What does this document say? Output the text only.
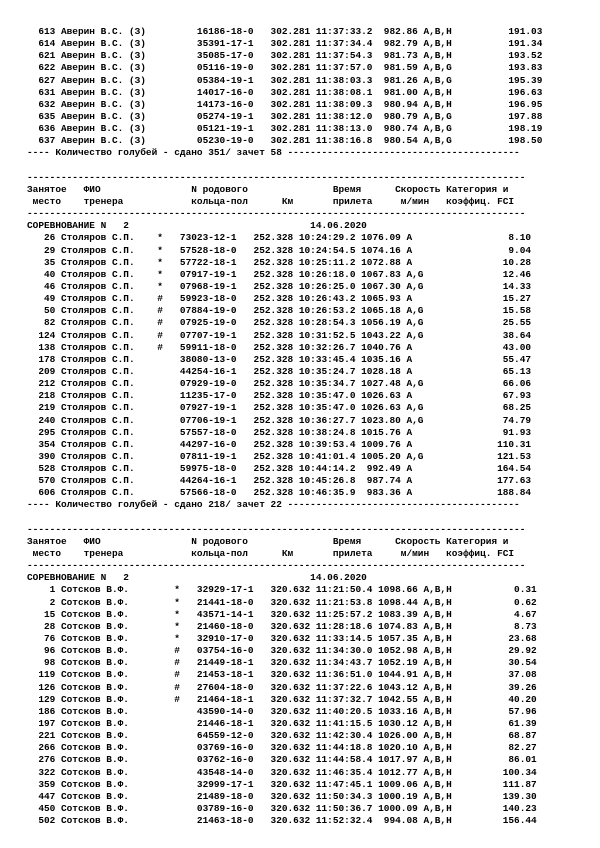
613 Аверин В.С. (З)         16186-18-0   302.281 11:37:33.2  982.86 A,B,H          191.03
614 Аверин В.С. (З)         35391-17-1   302.281 11:37:34.4  982.79 A,B,H          191.34
621 Аверин В.С. (З)         35085-17-0   302.281 11:37:54.3  981.73 A,B,H          193.52
622 Аверин В.С. (З)         05116-19-0   302.281 11:37:57.0  981.59 A,B,G          193.83
627 Аверин В.С. (З)         05384-19-1   302.281 11:38:03.3  981.26 A,B,G          195.39
631 Аверин В.С. (З)         14017-16-0   302.281 11:38:08.1  981.00 A,B,H          196.63
632 Аверин В.С. (З)         14173-16-0   302.281 11:38:09.3  980.94 A,B,H          196.95
635 Аверин В.С. (З)         05274-19-1   302.281 11:38:12.0  980.79 A,B,G          197.88
636 Аверин В.С. (З)         05121-19-1   302.281 11:38:13.0  980.74 A,B,G          198.19
637 Аверин В.С. (З)         05230-19-0   302.281 11:38:16.8  980.54 A,B,G          198.50
---- Количество голубей - сдано 351/ зачет 58 -----------------------------------------
----------------------------------------------------------------------------------------
Занятое   ФИО                N родового               Время      Скорость Категория и
место    тренера            кольца-пол      Км       прилета     м/мин   коэффиц. FCI
----------------------------------------------------------------------------------------
СОРЕВНОВАНИЕ N   2                                14.06.2020
26 Столяров С.П.    *   73023-12-1   252.328 10:24:29.2 1076.09 A                 8.10
29 Столяров С.П.    *   57528-18-0   252.328 10:24:54.5 1074.16 A                 9.04
35 Столяров С.П.    *   57722-18-1   252.328 10:25:11.2 1072.88 A                10.28
40 Столяров С.П.    *   07917-19-1   252.328 10:26:18.0 1067.83 A,G              12.46
46 Столяров С.П.    *   07968-19-1   252.328 10:26:25.0 1067.30 A,G              14.33
49 Столяров С.П.    #   59923-18-0   252.328 10:26:43.2 1065.93 A                15.27
50 Столяров С.П.    #   07884-19-0   252.328 10:26:53.2 1065.18 A,G              15.58
82 Столяров С.П.    #   07925-19-0   252.328 10:28:54.3 1056.19 A,G              25.55
124 Столяров С.П.    #   07707-19-1   252.328 10:31:52.5 1043.22 A,G              38.64
138 Столяров С.П.    #   59911-18-0   252.328 10:32:26.7 1040.76 A                43.00
178 Столяров С.П.        38080-13-0   252.328 10:33:45.4 1035.16 A                55.47
209 Столяров С.П.        44254-16-1   252.328 10:35:24.7 1028.18 A                65.13
212 Столяров С.П.        07929-19-0   252.328 10:35:34.7 1027.48 A,G              66.06
218 Столяров С.П.        11235-17-0   252.328 10:35:47.0 1026.63 A                67.93
219 Столяров С.П.        07927-19-1   252.328 10:35:47.0 1026.63 A,G              68.25
240 Столяров С.П.        07706-19-1   252.328 10:36:27.7 1023.80 A,G              74.79
295 Столяров С.П.        57557-18-0   252.328 10:38:24.8 1015.76 A                91.93
354 Столяров С.П.        44297-16-0   252.328 10:39:53.4 1009.76 A               110.31
390 Столяров С.П.        07811-19-1   252.328 10:41:01.4 1005.20 A,G             121.53
528 Столяров С.П.        59975-18-0   252.328 10:44:14.2  992.49 A               164.54
570 Столяров С.П.        44264-16-1   252.328 10:45:26.8  987.74 A               177.63
606 Столяров С.П.        57566-18-0   252.328 10:46:35.9  983.36 A               188.84
---- Количество голубей - сдано 218/ зачет 22 -----------------------------------------
----------------------------------------------------------------------------------------
Занятое   ФИО                N родового               Время      Скорость Категория и
место    тренера            кольца-пол      Км       прилета     м/мин   коэффиц. FCI
----------------------------------------------------------------------------------------
СОРЕВНОВАНИЕ N   2                                14.06.2020
1 Сотсков В.Ф.        *   32929-17-1   320.632 11:21:50.4 1098.66 A,B,H           0.31
2 Сотсков В.Ф.        *   21441-18-0   320.632 11:21:53.8 1098.44 A,B,H           0.62
15 Сотсков В.Ф.        *   43571-14-1   320.632 11:25:57.2 1083.39 A,B,H           4.67
28 Сотсков В.Ф.        *   21460-18-0   320.632 11:28:18.6 1074.83 A,B,H           8.73
76 Сотсков В.Ф.        *   32910-17-0   320.632 11:33:14.5 1057.35 A,B,H          23.68
96 Сотсков В.Ф.        #   03754-16-0   320.632 11:34:30.0 1052.98 A,B,H          29.92
98 Сотсков В.Ф.        #   21449-18-1   320.632 11:34:43.7 1052.19 A,B,H          30.54
119 Сотсков В.Ф.        #   21453-18-1   320.632 11:36:51.0 1044.91 A,B,H          37.08
126 Сотсков В.Ф.        #   27604-18-0   320.632 11:37:22.6 1043.12 A,B,H          39.26
129 Сотсков В.Ф.        #   21464-18-1   320.632 11:37:32.7 1042.55 A,B,H          40.20
186 Сотсков В.Ф.            43590-14-0   320.632 11:40:20.5 1033.16 A,B,H          57.96
197 Сотсков В.Ф.            21446-18-1   320.632 11:41:15.5 1030.12 A,B,H          61.39
221 Сотсков В.Ф.            64559-12-0   320.632 11:42:30.4 1026.00 A,B,H          68.87
266 Сотсков В.Ф.            03769-16-0   320.632 11:44:18.8 1020.10 A,B,H          82.27
276 Сотсков В.Ф.            03762-16-0   320.632 11:44:58.4 1017.97 A,B,H          86.01
322 Сотсков В.Ф.            43548-14-0   320.632 11:46:35.4 1012.77 A,B,H         100.34
359 Сотсков В.Ф.            32999-17-1   320.632 11:47:45.1 1009.06 A,B,H         111.87
447 Сотсков В.Ф.            21489-18-0   320.632 11:50:34.3 1000.19 A,B,H         139.30
450 Сотсков В.Ф.            03789-16-0   320.632 11:50:36.7 1000.09 A,B,H         140.23
502 Сотсков В.Ф.            21463-18-0   320.632 11:52:32.4  994.08 A,B,H         156.44
